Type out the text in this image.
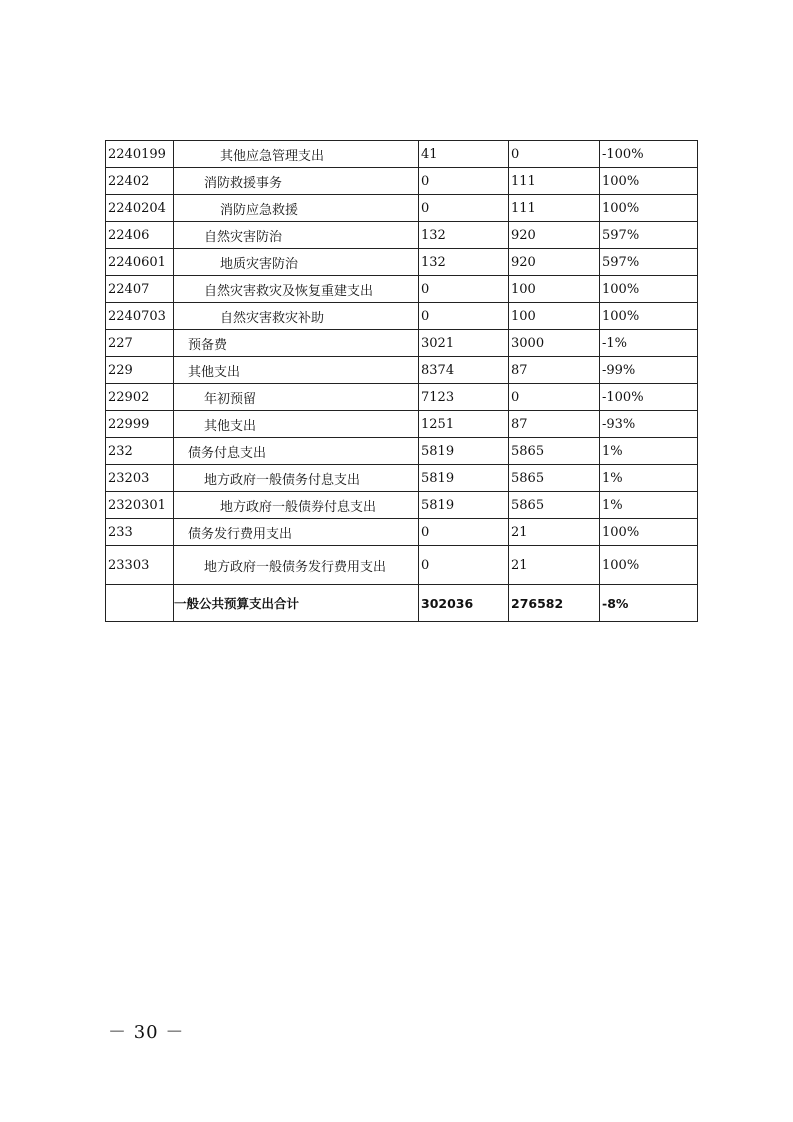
2240199	其他应急管理支出	41	0	-100%
22402	消防救援事务	0	111	100%
2240204	消防应急救援	0	111	100%
22406	自然灾害防治	132	920	597%
2240601	地质灾害防治	132	920	597%
22407	自然灾害救灾及恢复重建支出	0	100	100%
2240703	自然灾害救灾补助	0	100	100%
227	预备费	3021	3000	-1%
229	其他支出	8374	87	-99%
22902	年初预留	7123	0	-100%
22999	其他支出	1251	87	-93%
232	债务付息支出	5819	5865	1%
23203	地方政府一般债务付息支出	5819	5865	1%
2320301	地方政府一般债券付息支出	5819	5865	1%
233	债务发行费用支出	0	21	100%
23303	地方政府一般债务发行费用支出	0	21	100%
	一般公共预算支出合计	302036	276582	-8%
－ 30 －
